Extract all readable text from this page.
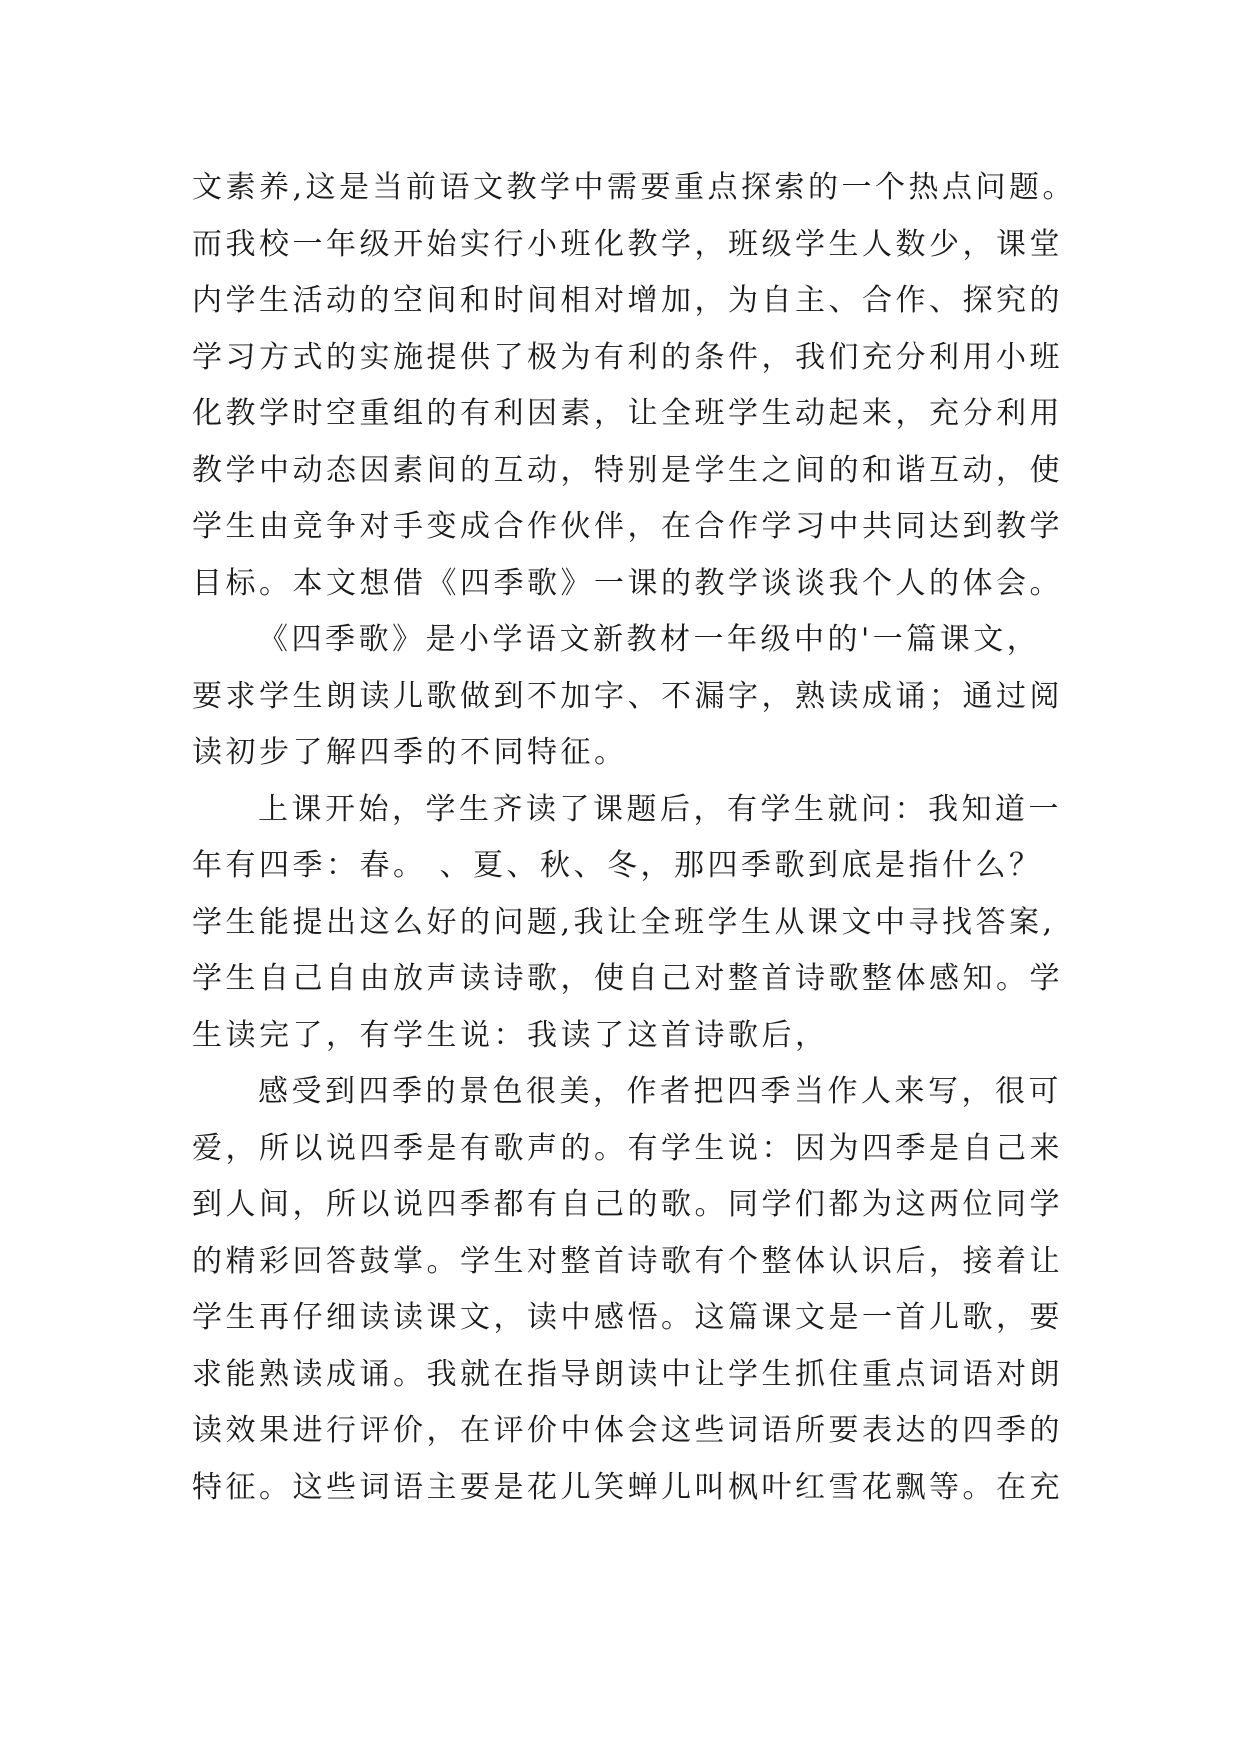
文素养,这是当前语文教学中需要重点探索的一个热点问题。
而我校一年级开始实行小班化教学，班级学生人数少，课堂
内学生活动的空间和时间相对增加，为自主、合作、探究的
学习方式的实施提供了极为有利的条件，我们充分利用小班
化教学时空重组的有利因素，让全班学生动起来，充分利用
教学中动态因素间的互动，特别是学生之间的和谐互动，使
学生由竞争对手变成合作伙伴，在合作学习中共同达到教学
目标。本文想借《四季歌》一课的教学谈谈我个人的体会。
《四季歌》是小学语文新教材一年级中的'一篇课文，
要求学生朗读儿歌做到不加字、不漏字，熟读成诵；通过阅
读初步了解四季的不同特征。
上课开始，学生齐读了课题后，有学生就问：我知道一
年有四季：春。 、夏、秋、冬，那四季歌到底是指什么？
学生能提出这么好的问题,我让全班学生从课文中寻找答案,
学生自己自由放声读诗歌，使自己对整首诗歌整体感知。学
生读完了，有学生说：我读了这首诗歌后，
感受到四季的景色很美，作者把四季当作人来写，很可
爱，所以说四季是有歌声的。有学生说：因为四季是自己来
到人间，所以说四季都有自己的歌。同学们都为这两位同学
的精彩回答鼓掌。学生对整首诗歌有个整体认识后，接着让
学生再仔细读读课文，读中感悟。这篇课文是一首儿歌，要
求能熟读成诵。我就在指导朗读中让学生抓住重点词语对朗
读效果进行评价，在评价中体会这些词语所要表达的四季的
特征。这些词语主要是花儿笑蝉儿叫枫叶红雪花飘等。在充
